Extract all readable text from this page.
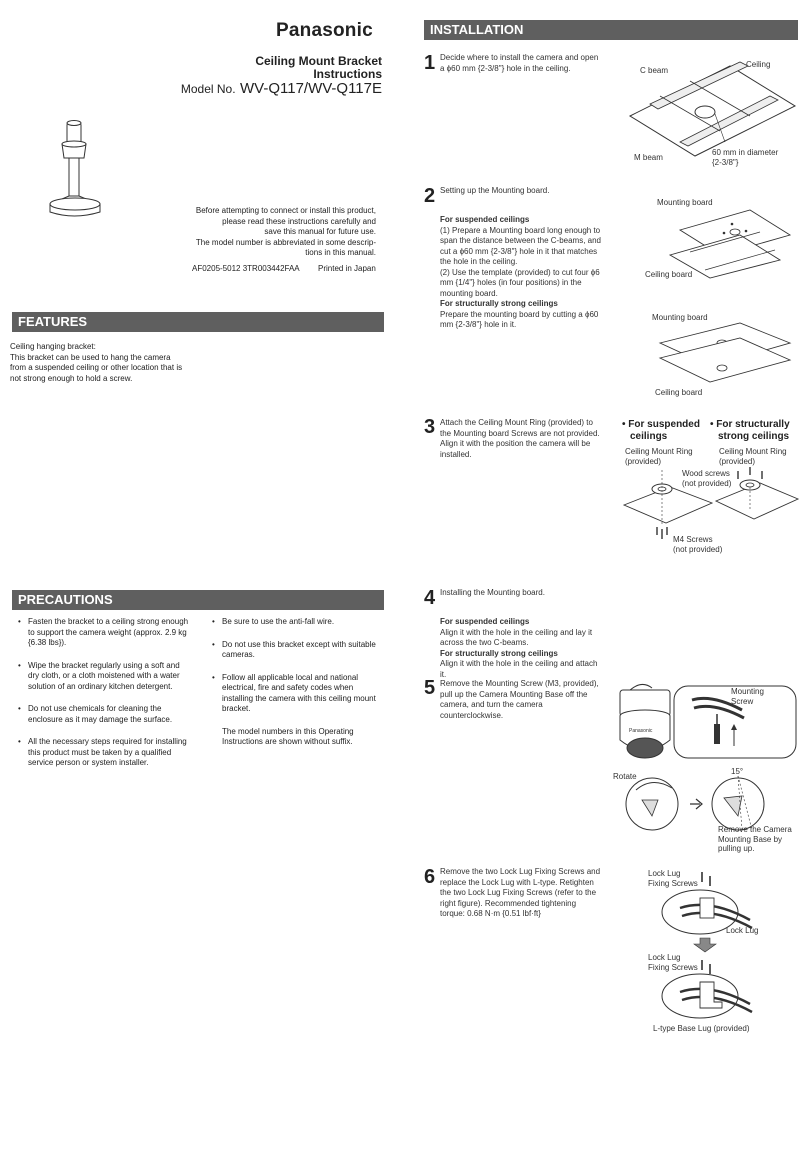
Panasonic
Ceiling Mount Bracket
Instructions
Model No. WV-Q117/WV-Q117E
Before attempting to connect or install this product,
please read these instructions carefully and
save this manual for future use.
The model number is abbreviated in some descrip-
tions in this manual.
AF0205-5012 3TR003442FAA Printed in Japan
FEATURES
Ceiling hanging bracket:
This bracket can be used to hang the camera
from a suspended ceiling or other location that is
not strong enough to hold a screw.
PRECAUTIONS
• Fasten the bracket to a ceiling strong enough to support the camera weight (approx. 2.9 kg {6.38 lbs}).
• Wipe the bracket regularly using a soft and dry cloth, or a cloth moistened with a water solution of an ordinary kitchen detergent.
• Do not use chemicals for cleaning the enclosure as it may damage the surface.
• All the necessary steps required for installing this product must be taken by a qualified service person or system installer.
• Be sure to use the anti-fall wire.
• Do not use this bracket except with suitable cameras.
• Follow all applicable local and national electrical, fire and safety codes when installing the camera with this ceiling mount bracket.
The model numbers in this Operating Instructions are shown without suffix.
INSTALLATION
1 Decide where to install the camera and open a ϕ60 mm {2-3/8"} hole in the ceiling.	C beam
Ceiling
M beam
60 mm in diameter
{2-3/8"}
2 Setting up the Mounting board.
For suspended ceilings
(1) Prepare a Mounting board long enough to span the distance between the C-beams, and cut a ϕ60 mm {2-3/8"} hole in it that matches the hole in the ceiling.
(2) Use the template (provided) to cut four ϕ6 mm {1/4"} holes (in four positions) in the mounting board.
For structurally strong ceilings
Prepare the mounting board by cutting a ϕ60 mm {2-3/8"} hole in it.
Mounting board
Ceiling board
Mounting board
Ceiling board
3 Attach the Ceiling Mount Ring (provided) to the Mounting board Screws are not provided. Align it with the position the camera will be installed.
• For suspended
ceilings
• For structurally
strong ceilings
Ceiling Mount Ring
(provided)
Ceiling Mount Ring
(provided)
Wood screws
(not provided)
M4 Screws
(not provided)
4 Installing the Mounting board.
For suspended ceilings
Align it with the hole in the ceiling and lay it across the two C-beams.
For structurally strong ceilings
Align it with the hole in the ceiling and attach it.
5 Remove the Mounting Screw (M3, provided), pull up the Camera Mounting Base off the camera, and turn the camera counterclockwise.
Panasonic
Mounting
Screw
Rotate
15°
Remove the Camera
Mounting Base by
pulling up.
6 Remove the two Lock Lug Fixing Screws and replace the Lock Lug with L-type. Retighten the two Lock Lug Fixing Screws (refer to the right figure). Recommended tightening torque: 0.68 N·m {0.51 lbf·ft}
Lock Lug
Fixing Screws
Lock Lug
Lock Lug
Fixing Screws
L-type Base Lug (provided)
